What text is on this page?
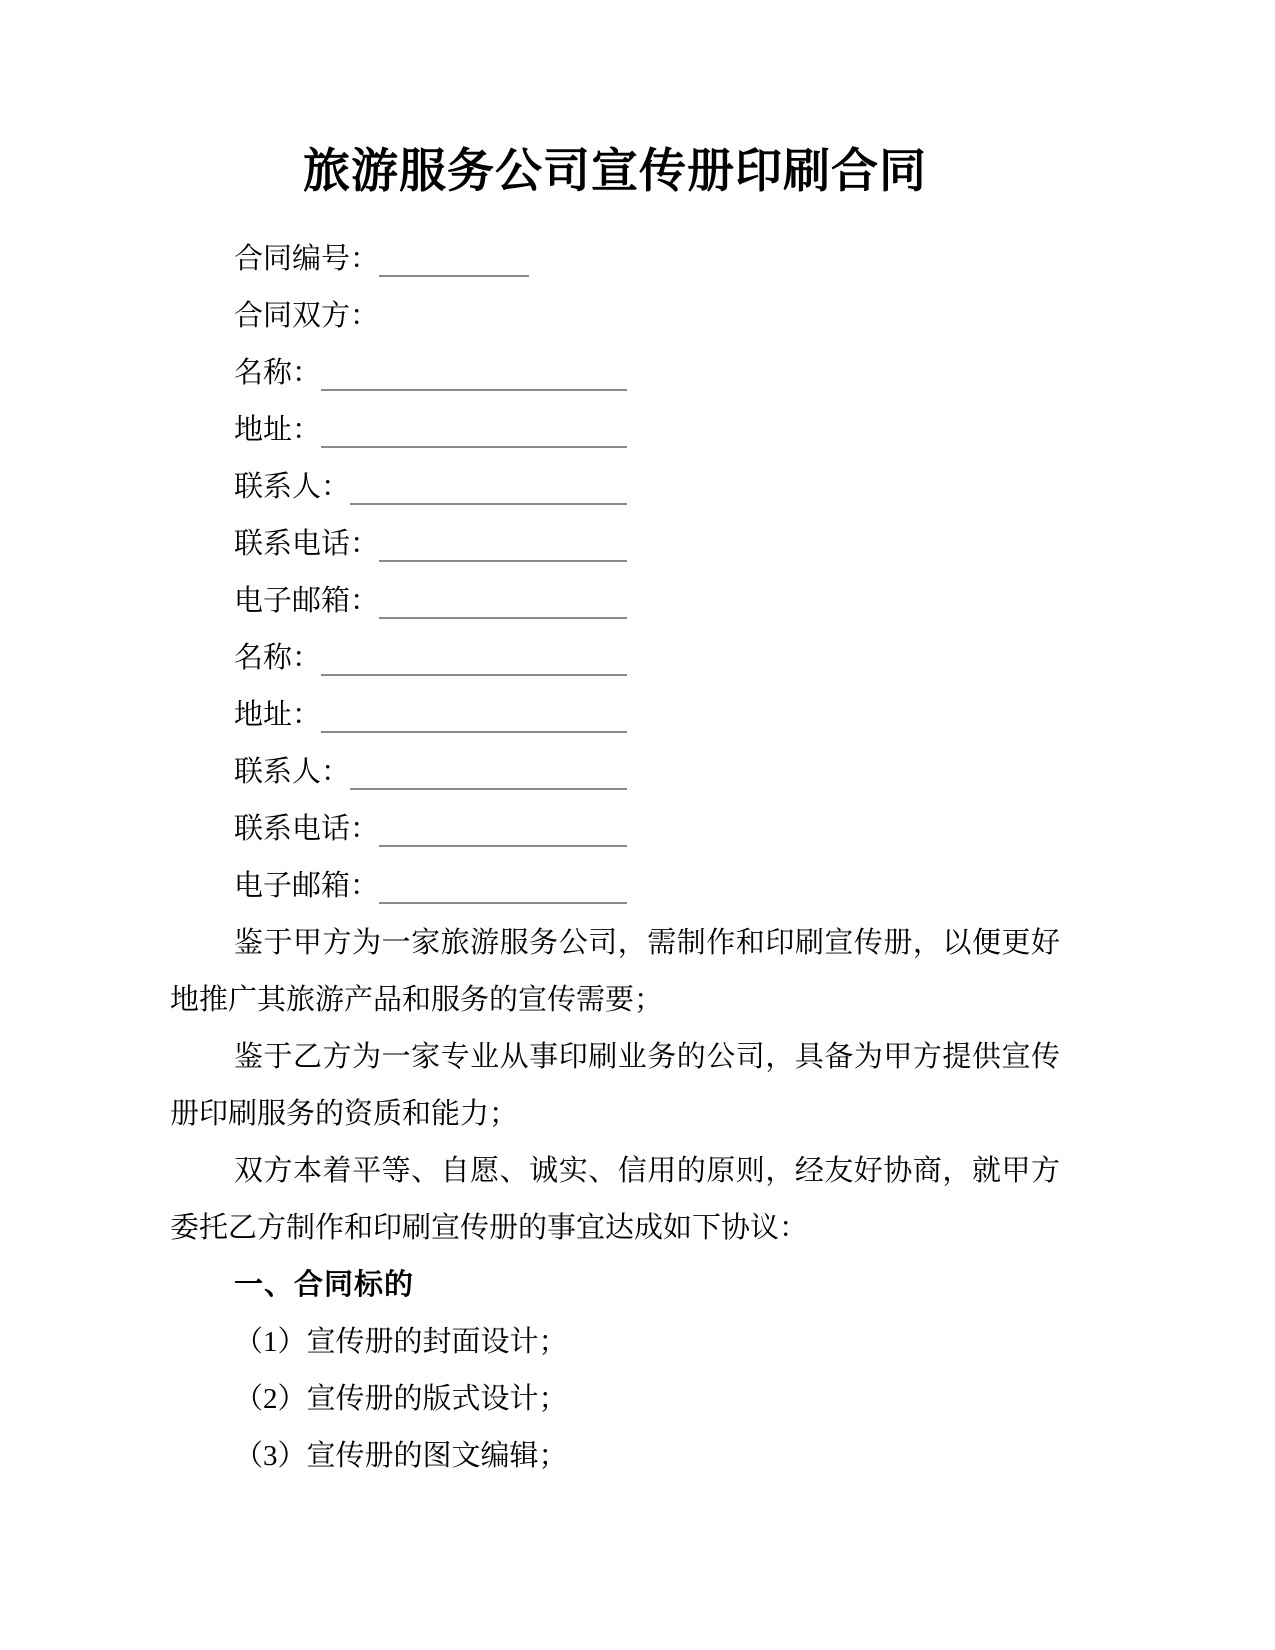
旅游服务公司宣传册印刷合同
合同编号：
合同双方：
名称：
地址：
联系人：
联系电话：
电子邮箱：
名称：
地址：
联系人：
联系电话：
电子邮箱：

鉴于甲方为一家旅游服务公司，需制作和印刷宣传册，以便更好地推广其旅游产品和服务的宣传需要；

鉴于乙方为一家专业从事印刷业务的公司，具备为甲方提供宣传册印刷服务的资质和能力；

双方本着平等、自愿、诚实、信用的原则，经友好协商，就甲方委托乙方制作和印刷宣传册的事宜达成如下协议：

一、合同标的
（1）宣传册的封面设计；
（2）宣传册的版式设计；
（3）宣传册的图文编辑；
